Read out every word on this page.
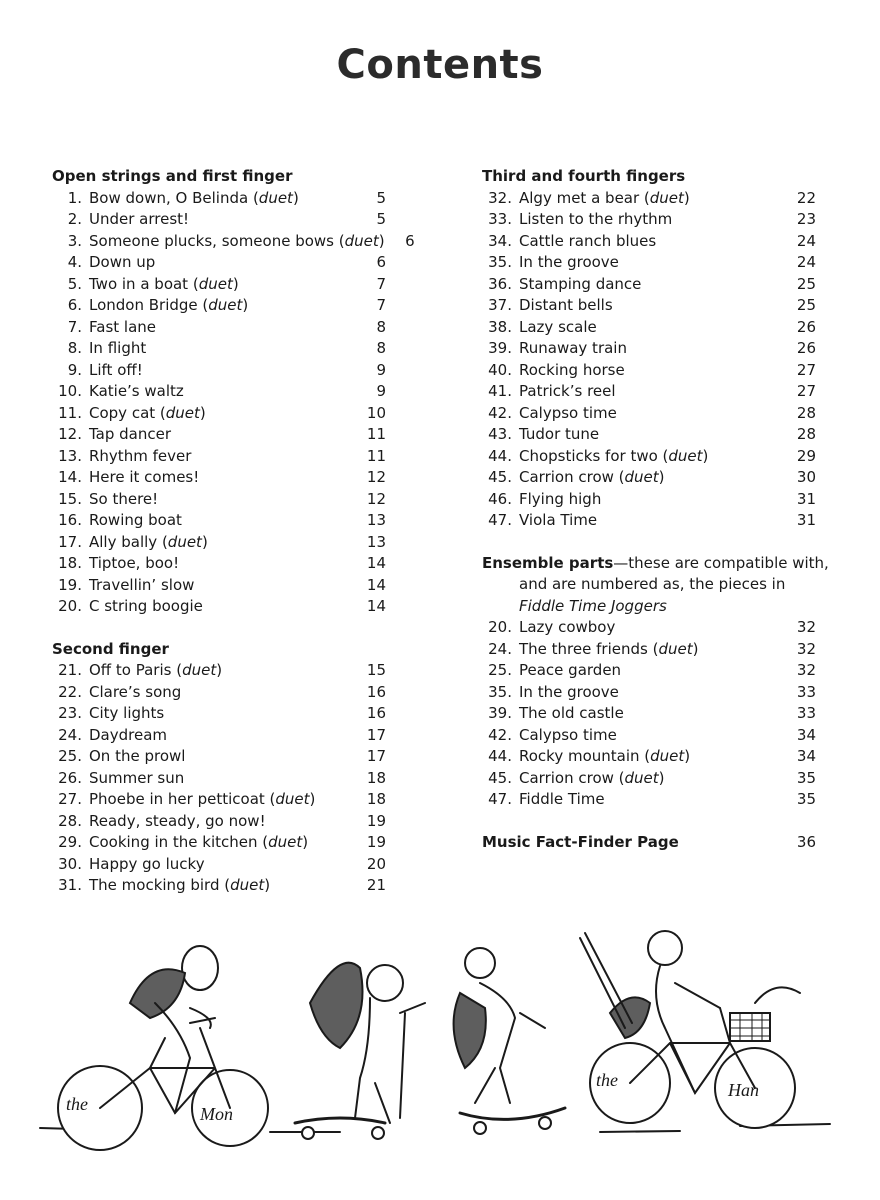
Contents
Open strings and first finger
1. Bow down, O Belinda (duet)	5
2. Under arrest!	5
3. Someone plucks, someone bows (duet)	6
4. Down up	6
5. Two in a boat (duet)	7
6. London Bridge (duet)	7
7. Fast lane	8
8. In flight	8
9. Lift off!	9
10. Katie’s waltz	9
11. Copy cat (duet)	10
12. Tap dancer	11
13. Rhythm fever	11
14. Here it comes!	12
15. So there!	12
16. Rowing boat	13
17. Ally bally (duet)	13
18. Tiptoe, boo!	14
19. Travellin’ slow	14
20. C string boogie	14
Second finger
21. Off to Paris (duet)	15
22. Clare’s song	16
23. City lights	16
24. Daydream	17
25. On the prowl	17
26. Summer sun	18
27. Phoebe in her petticoat (duet)	18
28. Ready, steady, go now!	19
29. Cooking in the kitchen (duet)	19
30. Happy go lucky	20
31. The mocking bird (duet)	21
Third and fourth fingers
32. Algy met a bear (duet)	22
33. Listen to the rhythm	23
34. Cattle ranch blues	24
35. In the groove	24
36. Stamping dance	25
37. Distant bells	25
38. Lazy scale	26
39. Runaway train	26
40. Rocking horse	27
41. Patrick’s reel	27
42. Calypso time	28
43. Tudor tune	28
44. Chopsticks for two (duet)	29
45. Carrion crow (duet)	30
46. Flying high	31
47. Viola Time	31
Ensemble parts—these are compatible with,
and are numbered as, the pieces in
Fiddle Time Joggers
20. Lazy cowboy	32
24. The three friends (duet)	32
25. Peace garden	32
35. In the groove	33
39. The old castle	33
42. Calypso time	34
44. Rocky mountain (duet)	34
45. Carrion crow (duet)	35
47. Fiddle Time	35
Music Fact-Finder Page	36
the	Mon
the	Han
